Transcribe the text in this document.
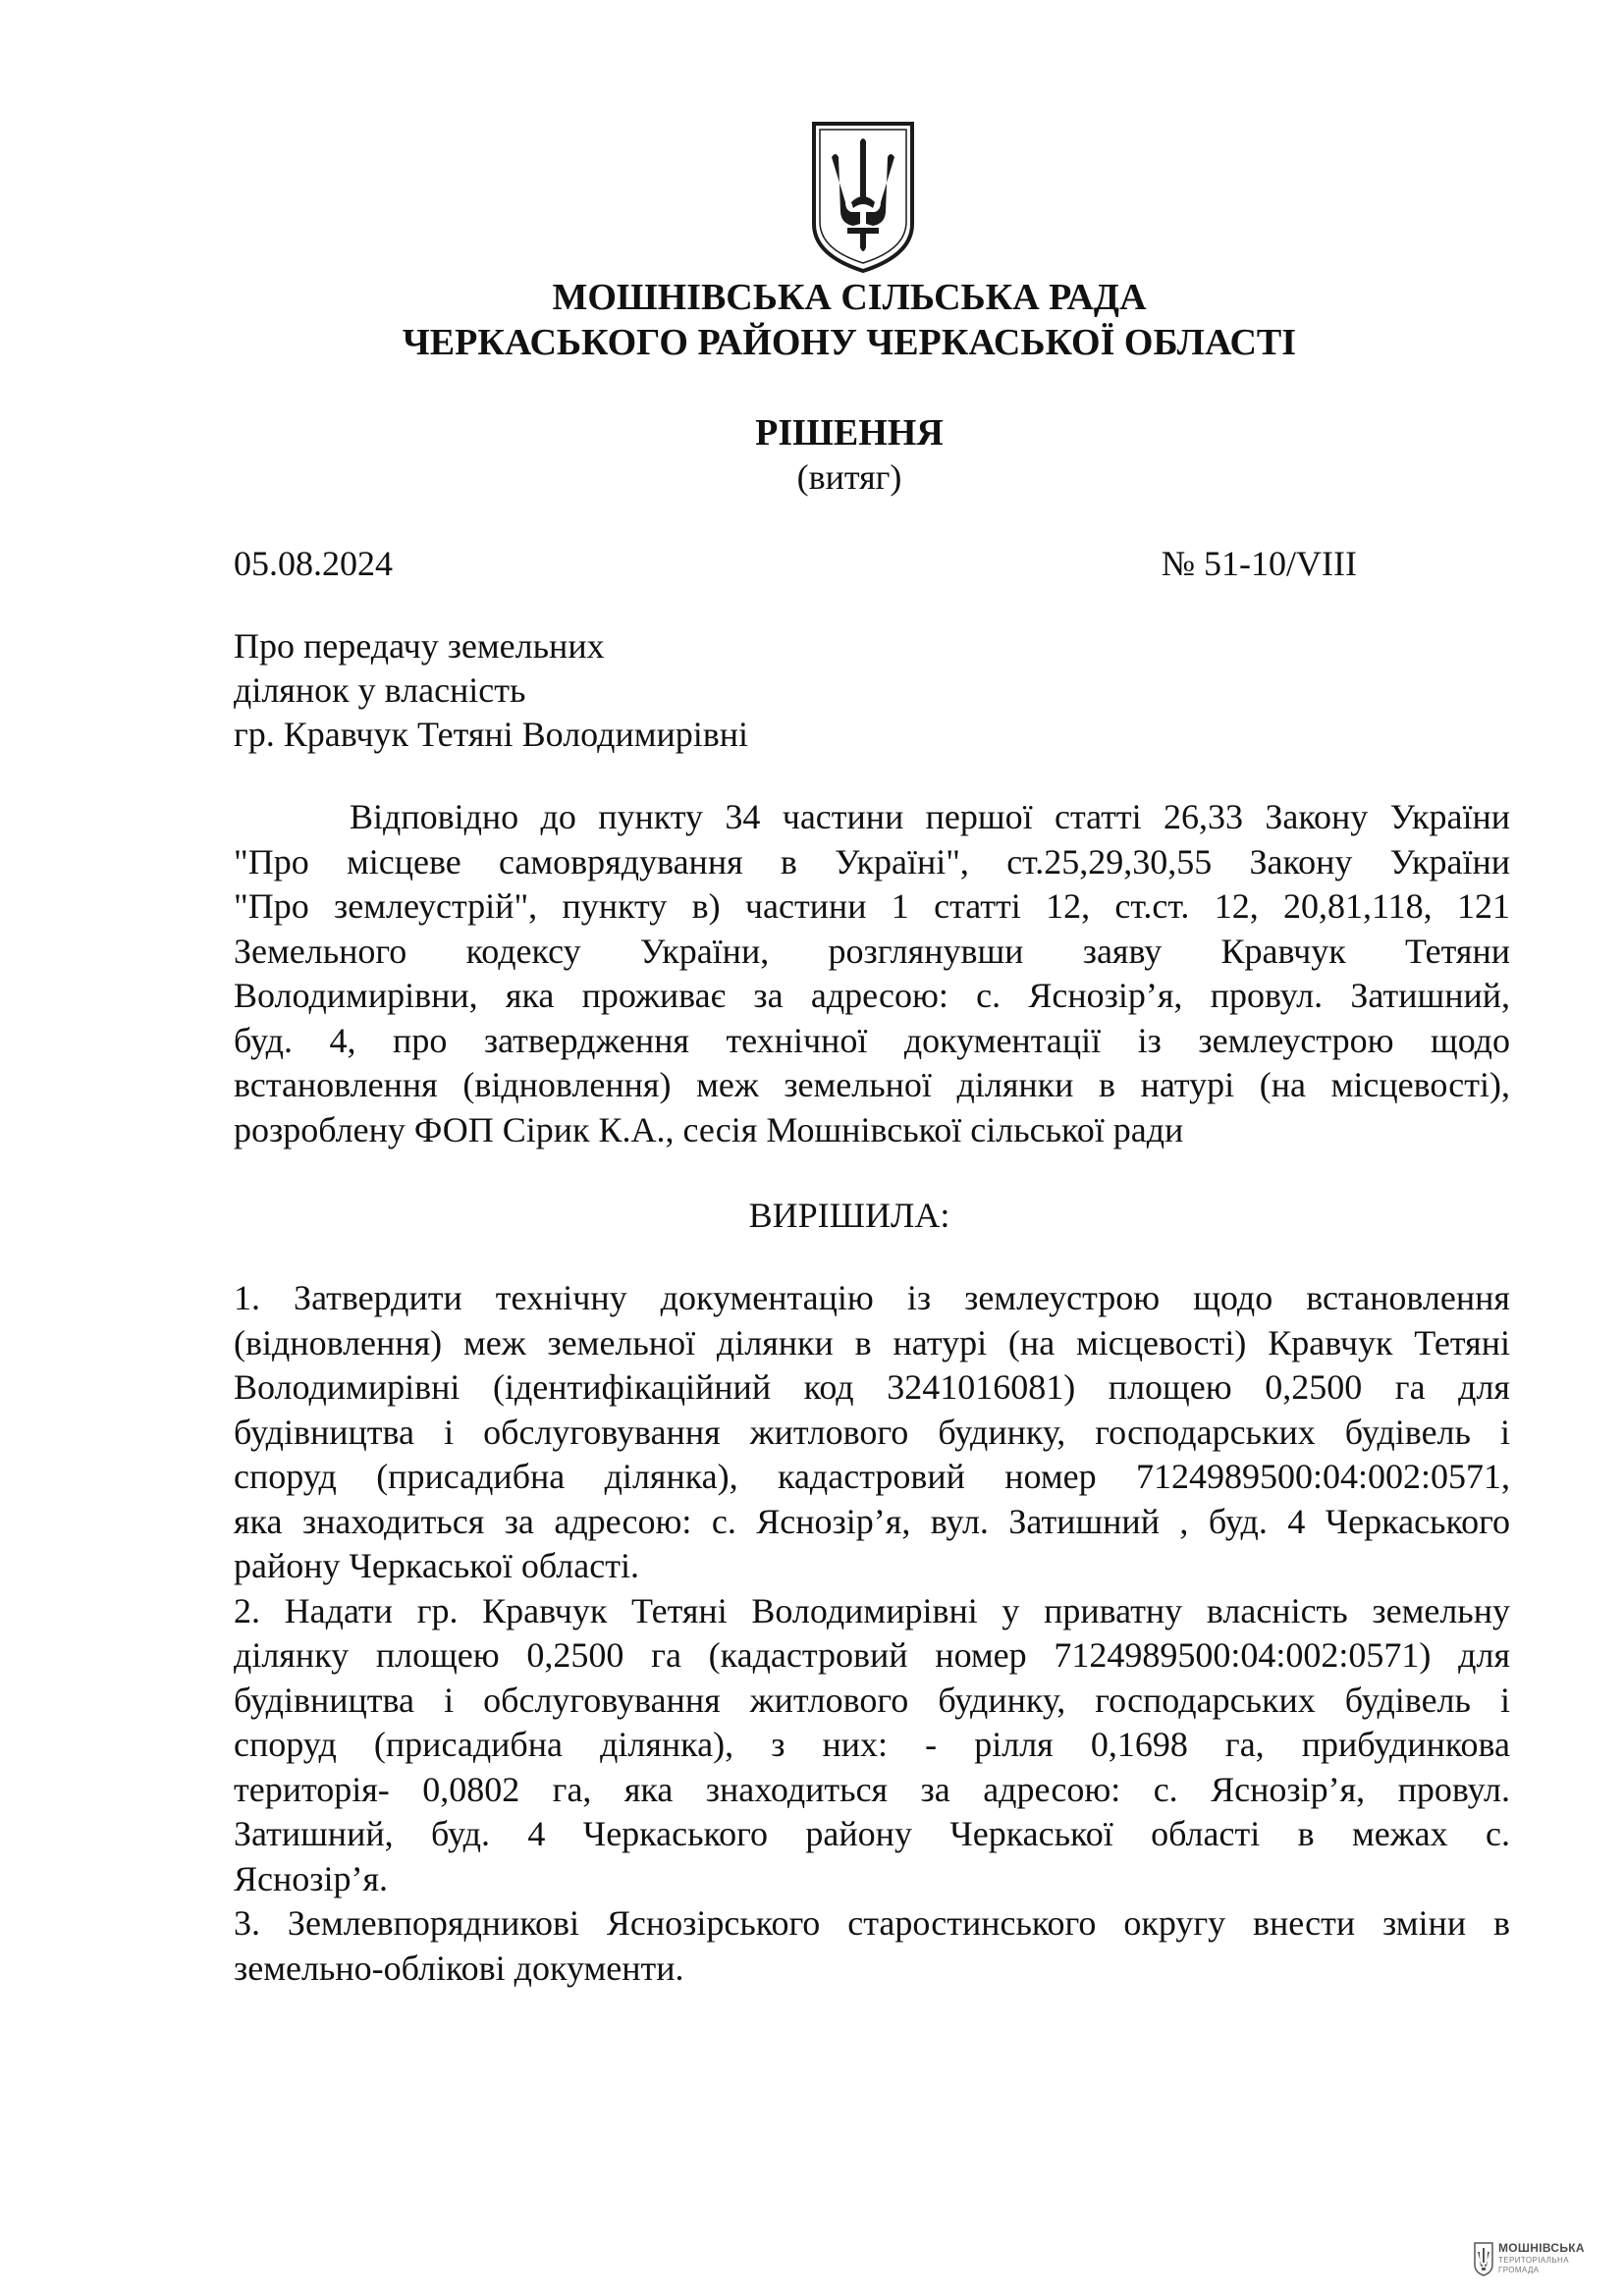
МОШНІВСЬКА СІЛЬСЬКА РАДА
ЧЕРКАСЬКОГО РАЙОНУ ЧЕРКАСЬКОЇ ОБЛАСТІ
РІШЕННЯ
(витяг)
05.08.2024	№ 51-10/VIII
Про передачу земельних
ділянок у власність
гр. Кравчук Тетяні Володимирівні
Відповідно до пункту 34 частини першої статті 26,33 Закону України
"Про місцеве самоврядування в Україні", ст.25,29,30,55 Закону України
"Про землеустрій", пункту в) частини 1 статті 12, ст.ст. 12, 20,81,118, 121
Земельного кодексу України, розглянувши заяву Кравчук Тетяни
Володимирівни, яка проживає за адресою: с. Яснозір’я, провул. Затишний,
буд. 4, про затвердження технічної документації із землеустрою щодо
встановлення (відновлення) меж земельної ділянки в натурі (на місцевості),
розроблену ФОП Сірик К.А., сесія Мошнівської сільської ради
ВИРІШИЛА:
1. Затвердити технічну документацію із землеустрою щодо встановлення
(відновлення) меж земельної ділянки в натурі (на місцевості) Кравчук Тетяні
Володимирівні (ідентифікаційний код 3241016081) площею 0,2500 га для
будівництва і обслуговування житлового будинку, господарських будівель і
споруд (присадибна ділянка), кадастровий номер 7124989500:04:002:0571,
яка знаходиться за адресою: с. Яснозір’я, вул. Затишний , буд. 4 Черкаського
району Черкаської області.
2. Надати гр. Кравчук Тетяні Володимирівні у приватну власність земельну
ділянку площею 0,2500 га (кадастровий номер 7124989500:04:002:0571) для
будівництва і обслуговування житлового будинку, господарських будівель і
споруд (присадибна ділянка), з них: - рілля 0,1698 га, прибудинкова
територія- 0,0802 га, яка знаходиться за адресою: с. Яснозір’я, провул.
Затишний, буд. 4 Черкаського району Черкаської області в межах с.
Яснозір’я.
3. Землевпорядникові Яснозірського старостинського округу внести зміни в
земельно-облікові документи.
МОШНІВСЬКА
ТЕРИТОРІАЛЬНА
ГРОМАДА
